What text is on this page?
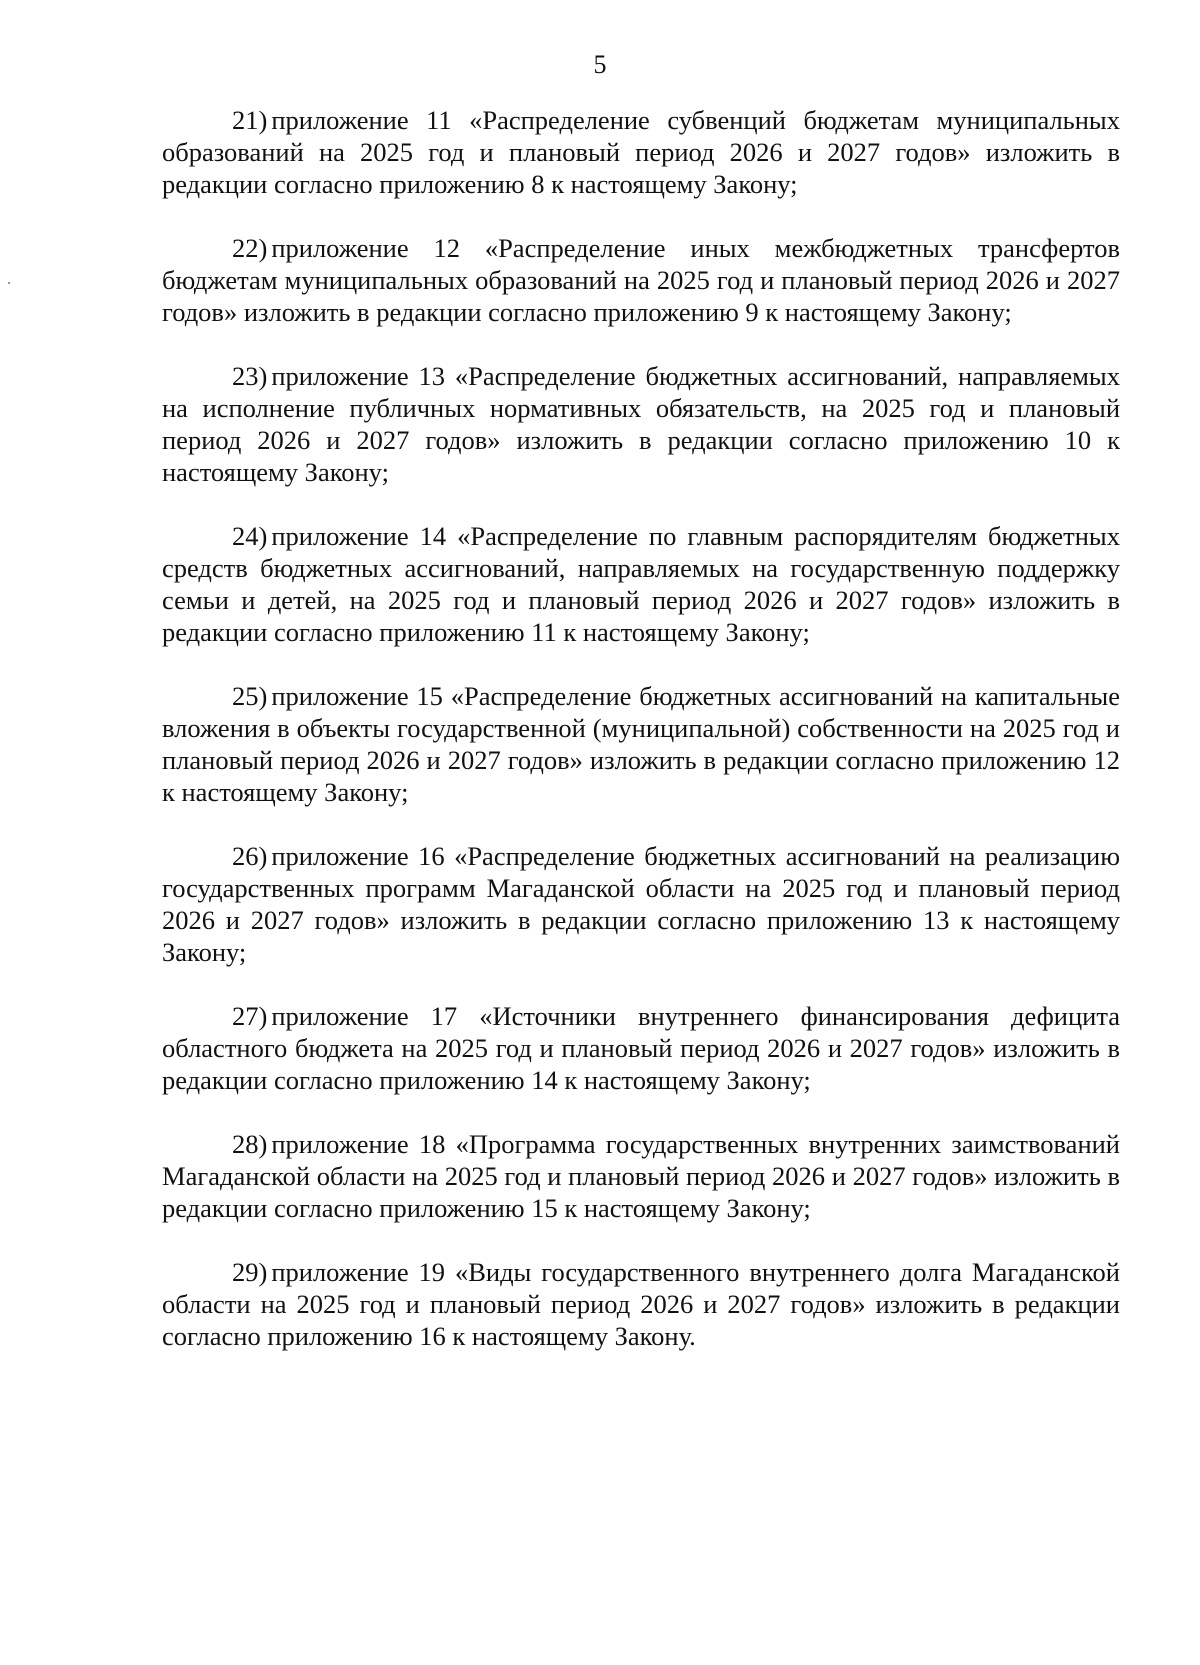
5

21) приложение 11 «Распределение субвенций бюджетам муниципальных образований на 2025 год и плановый период 2026 и 2027 годов» изложить в редакции согласно приложению 8 к настоящему Закону;

22) приложение 12 «Распределение иных межбюджетных трансфертов бюджетам муниципальных образований на 2025 год и плановый период 2026 и 2027 годов» изложить в редакции согласно приложению 9 к настоящему Закону;

23) приложение 13 «Распределение бюджетных ассигнований, направляемых на исполнение публичных нормативных обязательств, на 2025 год и плановый период 2026 и 2027 годов» изложить в редакции согласно приложению 10 к настоящему Закону;

24) приложение 14 «Распределение по главным распорядителям бюджетных средств бюджетных ассигнований, направляемых на государственную поддержку семьи и детей, на 2025 год и плановый период 2026 и 2027 годов» изложить в редакции согласно приложению 11 к настоящему Закону;

25) приложение 15 «Распределение бюджетных ассигнований на капитальные вложения в объекты государственной (муниципальной) собственности на 2025 год и плановый период 2026 и 2027 годов» изложить в редакции согласно приложению 12 к настоящему Закону;

26) приложение 16 «Распределение бюджетных ассигнований на реализацию государственных программ Магаданской области на 2025 год и плановый период 2026 и 2027 годов» изложить в редакции согласно приложению 13 к настоящему Закону;

27) приложение 17 «Источники внутреннего финансирования дефицита областного бюджета на 2025 год и плановый период 2026 и 2027 годов» изложить в редакции согласно приложению 14 к настоящему Закону;

28) приложение 18 «Программа государственных внутренних заимствований Магаданской области на 2025 год и плановый период 2026 и 2027 годов» изложить в редакции согласно приложению 15 к настоящему Закону;

29) приложение 19 «Виды государственного внутреннего долга Магаданской области на 2025 год и плановый период 2026 и 2027 годов» изложить в редакции согласно приложению 16 к настоящему Закону.
